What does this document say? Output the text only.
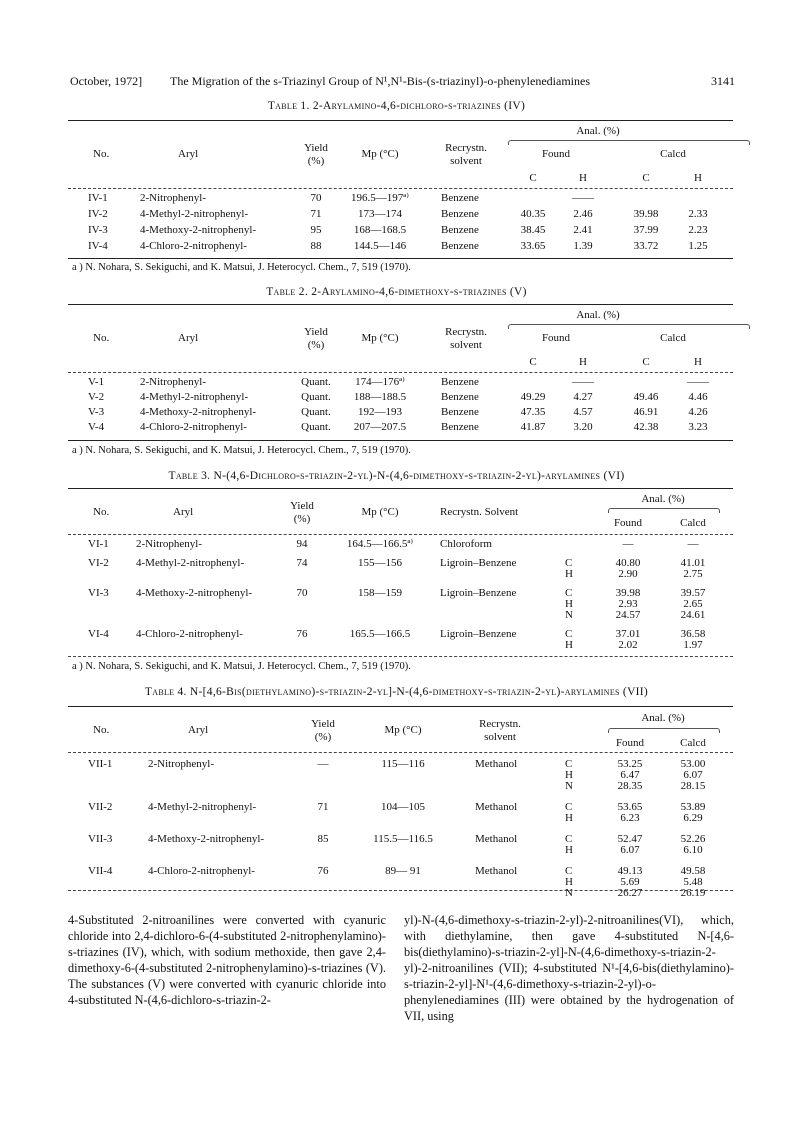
October, 1972] The Migration of the s-Triazinyl Group of N¹,N¹-Bis-(s-triazinyl)-o-phenylenediamines	3141
Table 1. 2-Arylamino-4,6-dichloro-s-triazines (IV)
Anal. (%)
No.	Aryl	Yield
(%)
Mp (°C)	Recrystn.
solvent
Found	Calcd
C	H	C	H
IV-1	2-Nitrophenyl-	70	196.5—197ª⁾	Benzene	——
IV-2	4-Methyl-2-nitrophenyl-	71	173—174	Benzene	40.35	2.46	39.98	2.33
IV-3	4-Methoxy-2-nitrophenyl-	95	168—168.5	Benzene	38.45	2.41	37.99	2.23
IV-4	4-Chloro-2-nitrophenyl-	88	144.5—146	Benzene	33.65	1.39	33.72	1.25
a ) N. Nohara, S. Sekiguchi, and K. Matsui, J. Heterocycl. Chem., 7, 519 (1970).
Table 2. 2-Arylamino-4,6-dimethoxy-s-triazines (V)
Anal. (%)
No.	Aryl	Yield
(%)
Mp (°C)	Recrystn.
solvent
Found	Calcd
C	H	C	H
V-1	2-Nitrophenyl-	Quant. 174—176ª⁾	Benzene	——	——
V-2	4-Methyl-2-nitrophenyl-	Quant. 188—188.5	Benzene	49.29	4.27	49.46	4.46
V-3	4-Methoxy-2-nitrophenyl-	Quant. 192—193	Benzene	47.35	4.57	46.91	4.26
V-4	4-Chloro-2-nitrophenyl-	Quant. 207—207.5	Benzene	41.87	3.20	42.38	3.23
a ) N. Nohara, S. Sekiguchi, and K. Matsui, J. Heterocycl. Chem., 7, 519 (1970).
Table 3. N-(4,6-Dichloro-s-triazin-2-yl)-N-(4,6-dimethoxy-s-triazin-2-yl)-arylamines (VI)
Anal. (%)
No.	Aryl	Yield
(%)
Mp (°C)	Recrystn. Solvent
Found	Calcd
VI-1 2-Nitrophenyl-	94	164.5—166.5ª⁾ Chloroform	—	—
VI-2 4-Methyl-2-nitrophenyl-	74	155—156	Ligroin–Benzene	C	40.80	41.01
H	2.90	2.75
VI-3 4-Methoxy-2-nitrophenyl-	70	158—159	Ligroin–Benzene	C	39.98	39.57
H	2.93	2.65
N	24.57	24.61
VI-4 4-Chloro-2-nitrophenyl-	76	165.5—166.5	Ligroin–Benzene	C	37.01	36.58
H	2.02	1.97
a ) N. Nohara, S. Sekiguchi, and K. Matsui, J. Heterocycl. Chem., 7, 519 (1970).
Table 4. N-[4,6-Bis(diethylamino)-s-triazin-2-yl]-N-(4,6-dimethoxy-s-triazin-2-yl)-arylamines (VII)
Anal. (%)
No.	Aryl	Yield
(%)
Mp (°C)	Recrystn.
solvent	Found	Calcd
VII-1	2-Nitrophenyl-	—	115—116	Methanol	C	53.25	53.00
H	6.47	6.07
N	28.35	28.15
VII-2	4-Methyl-2-nitrophenyl-	71	104—105	Methanol	C	53.65	53.89
H	6.23	6.29
VII-3	4-Methoxy-2-nitrophenyl-	85	115.5—116.5	Methanol	C	52.47	52.26
H	6.07	6.10
VII-4	4-Chloro-2-nitrophenyl-	76	89— 91	Methanol	C	49.13	49.58
H	5.69	5.48
N	26.27	26.19
4-Substituted 2-nitroanilines were converted with cyanuric chloride into 2,4-dichloro-6-(4-substituted 2-nitrophenylamino)-s-triazines (IV), which, with sodium methoxide, then gave 2,4-dimethoxy-6-(4-substituted 2-nitrophenylamino)-s-triazines (V). The substances (V) were converted with cyanuric chloride into 4-substituted N-(4,6-dichloro-s-triazin-2-
yl)-N-(4,6-dimethoxy-s-triazin-2-yl)-2-nitroanilines(VI), which, with diethylamine, then gave 4-substituted N-[4,6-bis(diethylamino)-s-triazin-2-yl]-N-(4,6-dimethoxy-s-triazin-2-yl)-2-nitroanilines (VII); 4-substituted N¹-[4,6-bis(diethylamino)-s-triazin-2-yl]-N¹-(4,6-dimethoxy-s-triazin-2-yl)-o-phenylenediamines (III) were obtained by the hydrogenation of VII, using
